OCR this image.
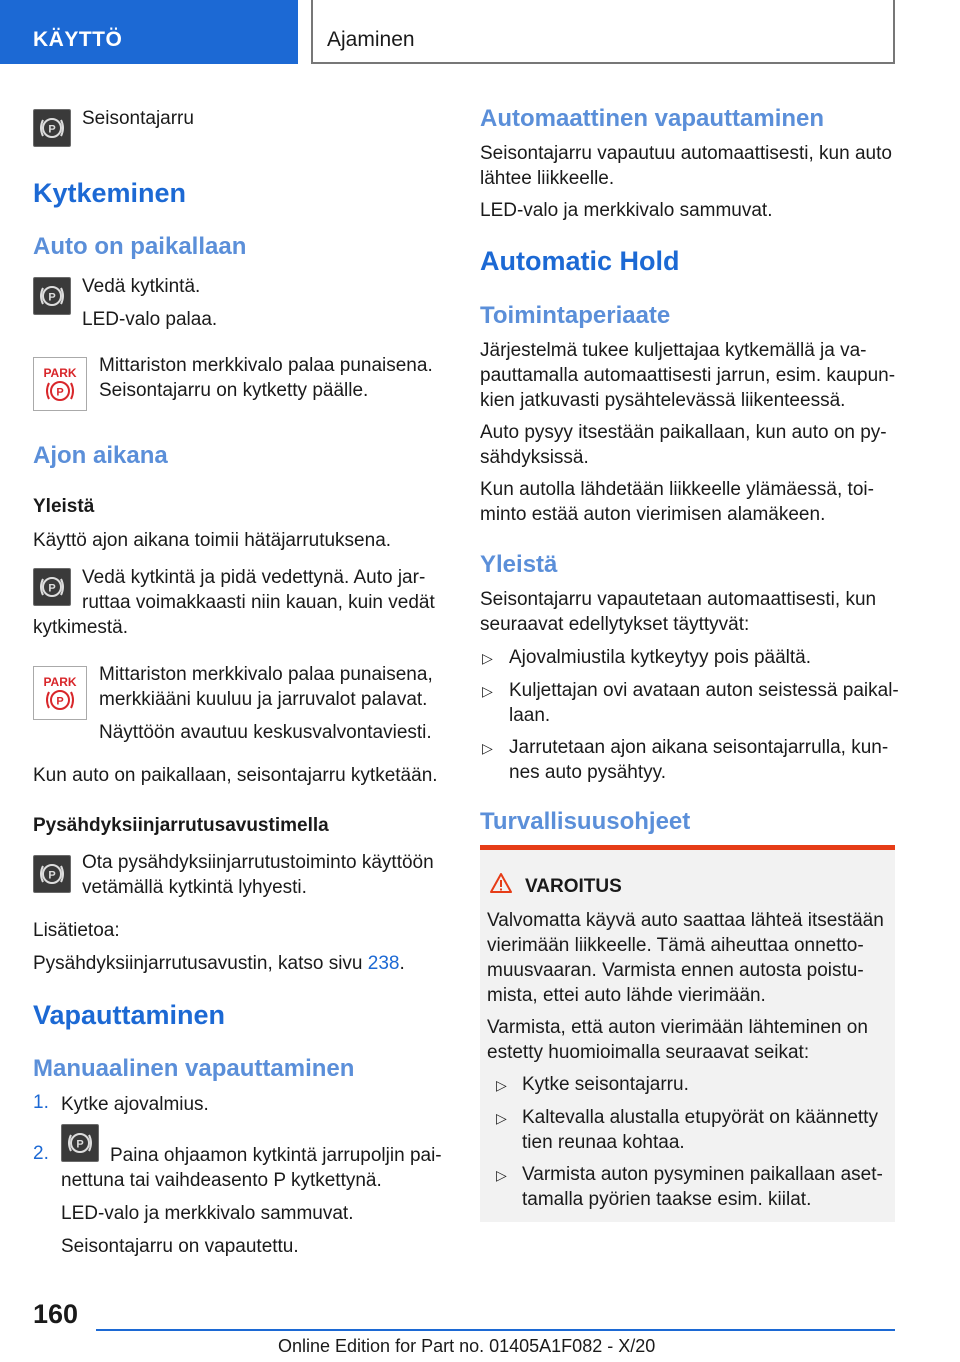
KÄYTTÖ	Ajaminen
P

Seisontajarru

Kytkeminen
Auto on paikallaan
P

Vedä kytkintä.

LED-valo palaa.

PARK
P

Mittariston merkkivalo palaa punaisena.

Seisontajarru on kytketty päälle.

Ajon aikana
Yleistä

Käyttö ajon aikana toimii hätäjarrutuksena.

P

Vedä kytkintä ja pidä vedettynä. Auto jar-

ruttaa voimakkaasti niin kauan, kuin vedät

kytkimestä.

PARK
P

Mittariston merkkivalo palaa punaisena,

merkkiääni kuuluu ja jarruvalot palavat.

Näyttöön avautuu keskusvalvontaviesti.

Kun auto on paikallaan, seisontajarru kytketään.

Pysähdyksiinjarrutusavustimella
P

Ota pysähdyksiinjarrutustoiminto käyttöön

vetämällä kytkintä lyhyesti.

Lisätietoa:

Pysähdyksiinjarrutusavustin, katso sivu 238.

Vapauttaminen
Manuaalinen vapauttaminen
1. Kytke ajovalmius.

2. P

Paina ohjaamon kytkintä jarrupoljin pai-

nettuna tai vaihdeasento P kytkettynä.

LED-valo ja merkkivalo sammuvat.

Seisontajarru on vapautettu.

Automaattinen vapauttaminen

Seisontajarru vapautuu automaattisesti, kun auto

lähtee liikkeelle.

LED-valo ja merkkivalo sammuvat.

Automatic Hold
Toimintaperiaate

Järjestelmä tukee kuljettajaa kytkemällä ja va-

pauttamalla automaattisesti jarrun, esim. kaupun-

kien jatkuvasti pysähtelevässä liikenteessä.

Auto pysyy itsestään paikallaan, kun auto on py-

sähdyksissä.

Kun autolla lähdetään liikkeelle ylämäessä, toi-

minto estää auton vierimisen alamäkeen.

Yleistä

Seisontajarru vapautetaan automaattisesti, kun

seuraavat edellytykset täyttyvät:

▷ Ajovalmiustila kytkeytyy pois päältä.

▷ Kuljettajan ovi avataan auton seistessä paikal-

laan.

▷ Jarrutetaan ajon aikana seisontajarrulla, kun-

nes auto pysähtyy.

Turvallisuusohjeet

VAROITUS

Valvomatta käyvä auto saattaa lähteä itsestään

vierimään liikkeelle. Tämä aiheuttaa onnetto-

muusvaaran. Varmista ennen autosta poistu-

mista, ettei auto lähde vierimään.

Varmista, että auton vierimään lähteminen on

estetty huomioimalla seuraavat seikat:

▷ Kytke seisontajarru.

▷ Kaltevalla alustalla etupyörät on käännetty

tien reunaa kohtaa.

▷ Varmista auton pysyminen paikallaan aset-

tamalla pyörien taakse esim. kiilat.

160
Online Edition for Part no. 01405A1F082 - X/20
